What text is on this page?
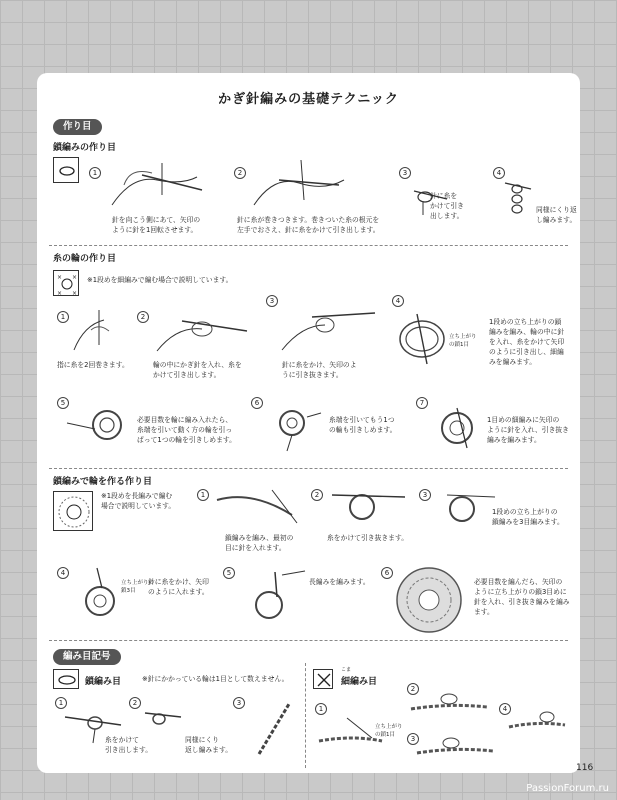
かぎ針編みの基礎テクニック
作り目
鎖編みの作り目
1
針を向こう側にあて、矢印の
ように針を1回転させます。
2
針に糸が巻きつきます。巻きついた糸の根元を
左手でおさえ、針に糸をかけて引き出します。
3
針に糸を
かけて引き
出します。
4
同様にくり返
し編みます。
糸の輪の作り目
× ×
× ×
※1段めを細編みで編む場合で説明しています。
1
指に糸を2回巻きます。
2
輪の中にかぎ針を入れ、糸を
かけて引き出します。
3
針に糸をかけ、矢印のよ
うに引き抜きます。
4
立ち上がり
の鎖1目
1段めの立ち上がりの鎖
編みを編み、輪の中に針
を入れ、糸をかけて矢印
のように引き出し、細編
みを編みます。
5
必要目数を輪に編み入れたら、
糸端を引いて動く方の輪を引っ
ぱって1つの輪を引きしめます。
6
糸端を引いてもう1つ
の輪も引きしめます。
7
1目めの細編みに矢印の
ように針を入れ、引き抜き
編みを編みます。
鎖編みで輪を作る作り目
※1段めを長編みで編む
場合で説明しています。
1
鎖編みを編み、最初の
目に針を入れます。
2
糸をかけて引き抜きます。
3
1段めの立ち上がりの
鎖編みを3目編みます。
4
立ち上がりの
鎖3目
針に糸をかけ、矢印
のように入れます。
5
長編みを編みます。
6
必要目数を編んだら、矢印の
ように立ち上がりの鎖3目めに
針を入れ、引き抜き編みを編み
ます。
編み目記号
鎖編み目	※針にかかっている輪は1目として数えません。
1	2
糸をかけて
引き出します。
3
同様にくり
返し編みます。
こま
細編み目
1
立ち上がり
の鎖1目
2
3
4
116
PassionForum.ru
